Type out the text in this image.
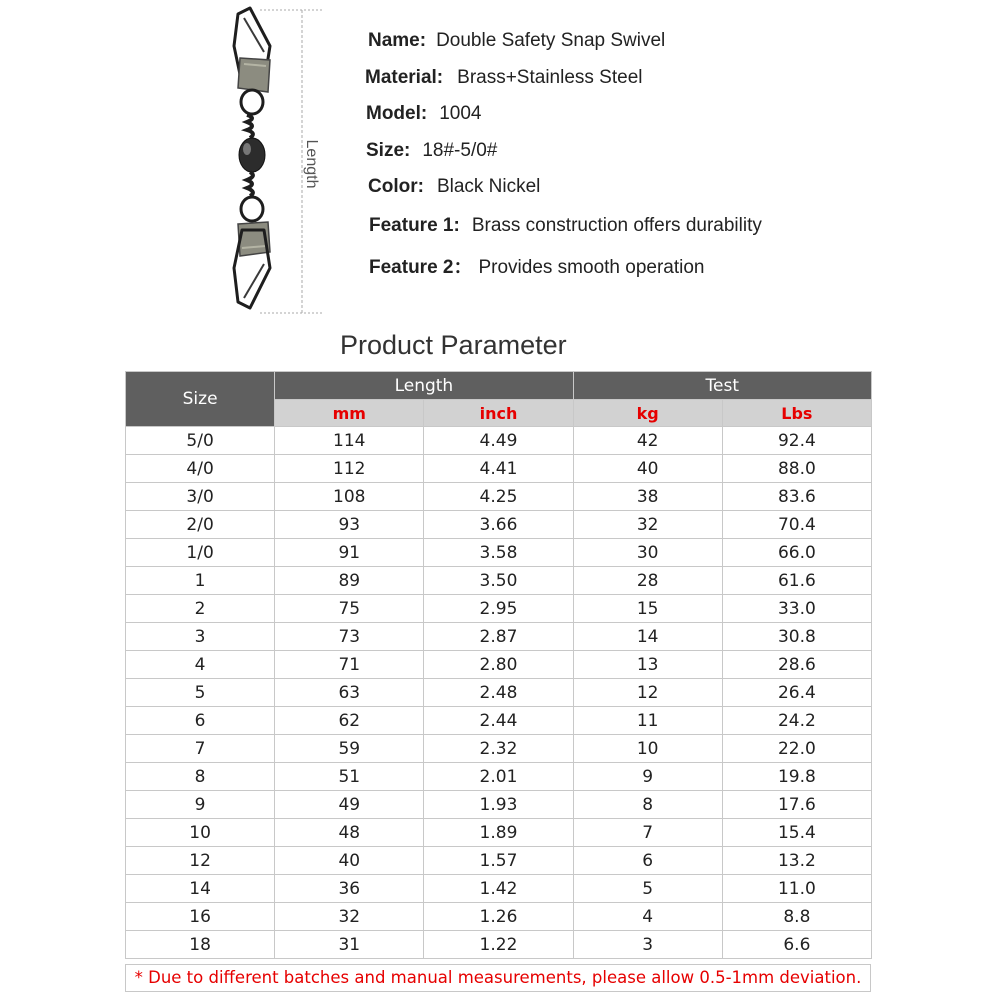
Length
Name: Double Safety Snap Swivel
Material: Brass+Stainless Steel
Model: 1004
Size: 18#-5/0#
Color: Black Nickel
Feature 1: Brass construction offers durability
Feature 2： Provides smooth operation
Product Parameter
Size	Length		Test	
	mm	inch	kg	Lbs
5/0	114	4.49	42	92.4
4/0	112	4.41	40	88.0
3/0	108	4.25	38	83.6
2/0	93	3.66	32	70.4
1/0	91	3.58	30	66.0
1	89	3.50	28	61.6
2	75	2.95	15	33.0
3	73	2.87	14	30.8
4	71	2.80	13	28.6
5	63	2.48	12	26.4
6	62	2.44	11	24.2
7	59	2.32	10	22.0
8	51	2.01	9	19.8
9	49	1.93	8	17.6
10	48	1.89	7	15.4
12	40	1.57	6	13.2
14	36	1.42	5	11.0
16	32	1.26	4	8.8
18	31	1.22	3	6.6
* Due to different batches and manual measurements, please allow 0.5-1mm deviation.
